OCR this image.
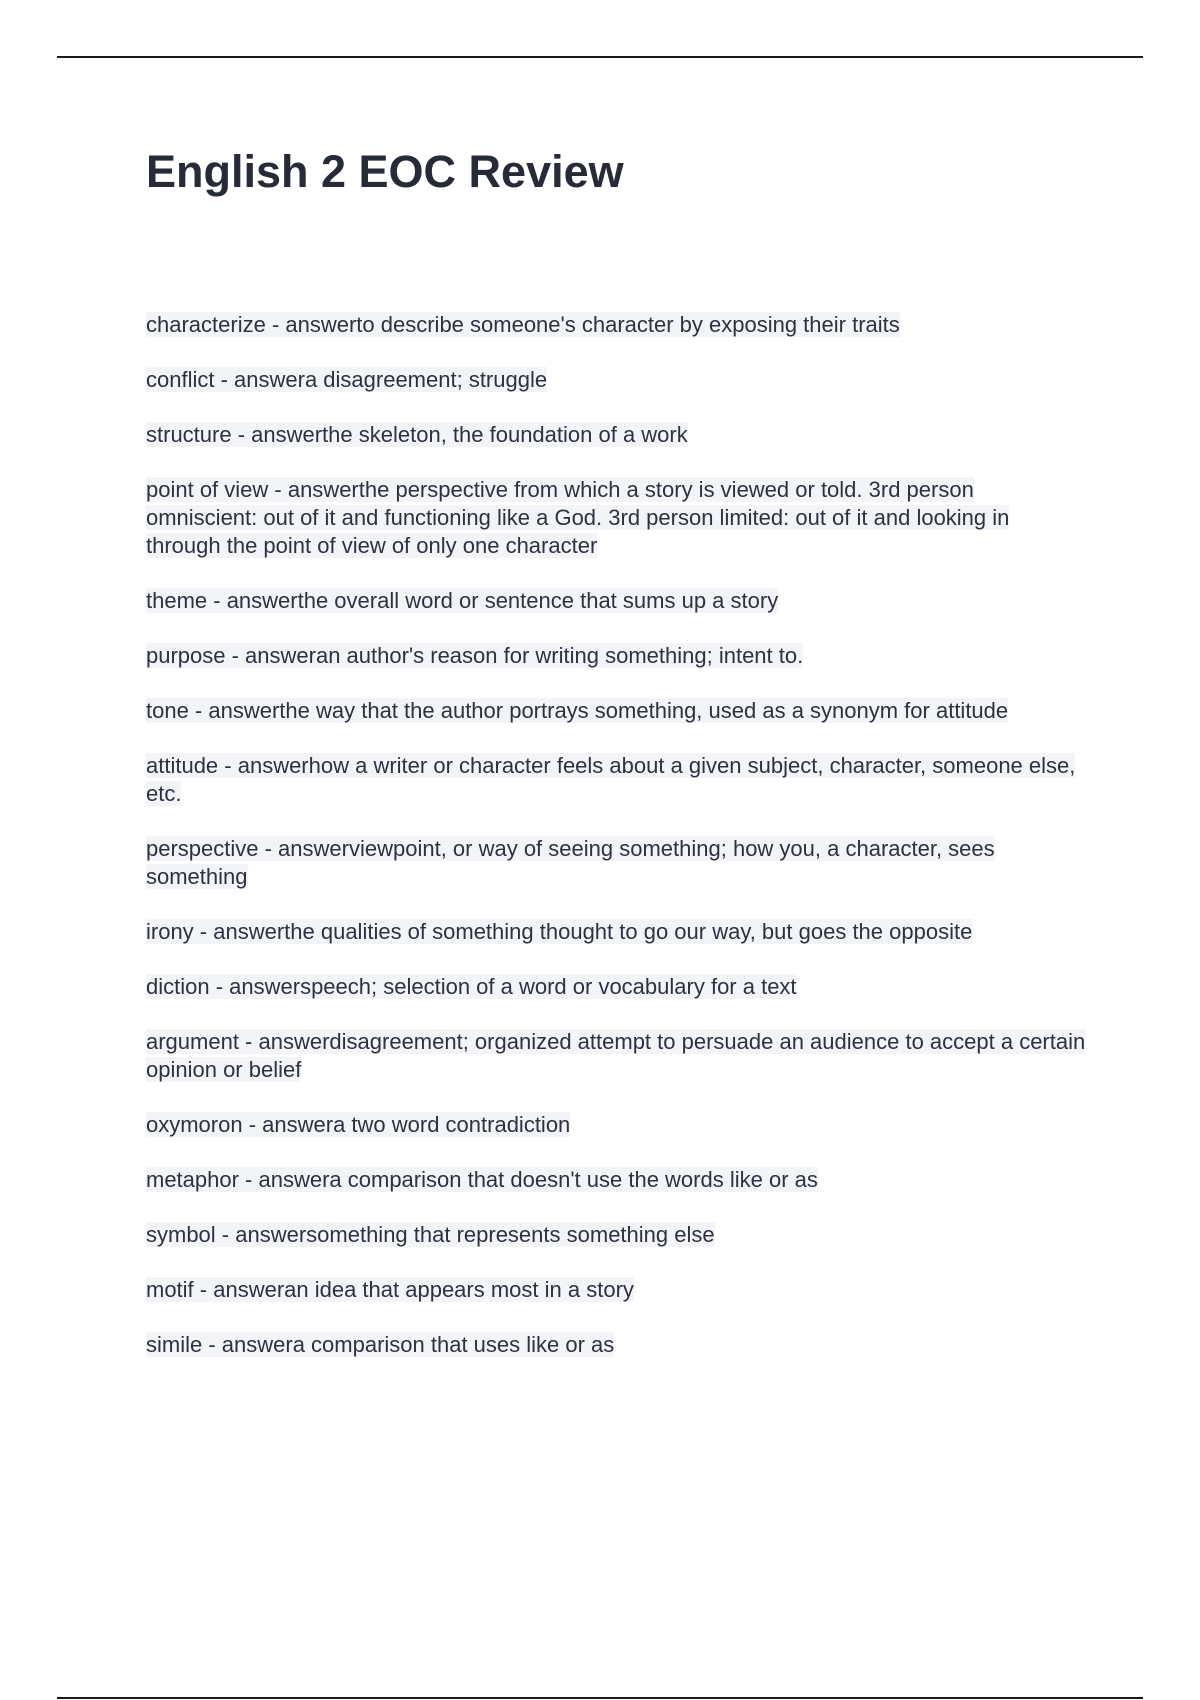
English 2 EOC Review
characterize - answerto describe someone's character by exposing their traits
conflict - answera disagreement; struggle
structure - answerthe skeleton, the foundation of a work
point of view - answerthe perspective from which a story is viewed or told. 3rd person omniscient: out of it and functioning like a God. 3rd person limited: out of it and looking in through the point of view of only one character
theme - answerthe overall word or sentence that sums up a story
purpose - answeran author's reason for writing something; intent to.
tone - answerthe way that the author portrays something, used as a synonym for attitude
attitude - answerhow a writer or character feels about a given subject, character, someone else, etc.
perspective - answerviewpoint, or way of seeing something; how you, a character, sees something
irony - answerthe qualities of something thought to go our way, but goes the opposite
diction - answerspeech; selection of a word or vocabulary for a text
argument - answerdisagreement; organized attempt to persuade an audience to accept a certain opinion or belief
oxymoron - answera two word contradiction
metaphor - answera comparison that doesn't use the words like or as
symbol - answersomething that represents something else
motif - answeran idea that appears most in a story
simile - answera comparison that uses like or as
